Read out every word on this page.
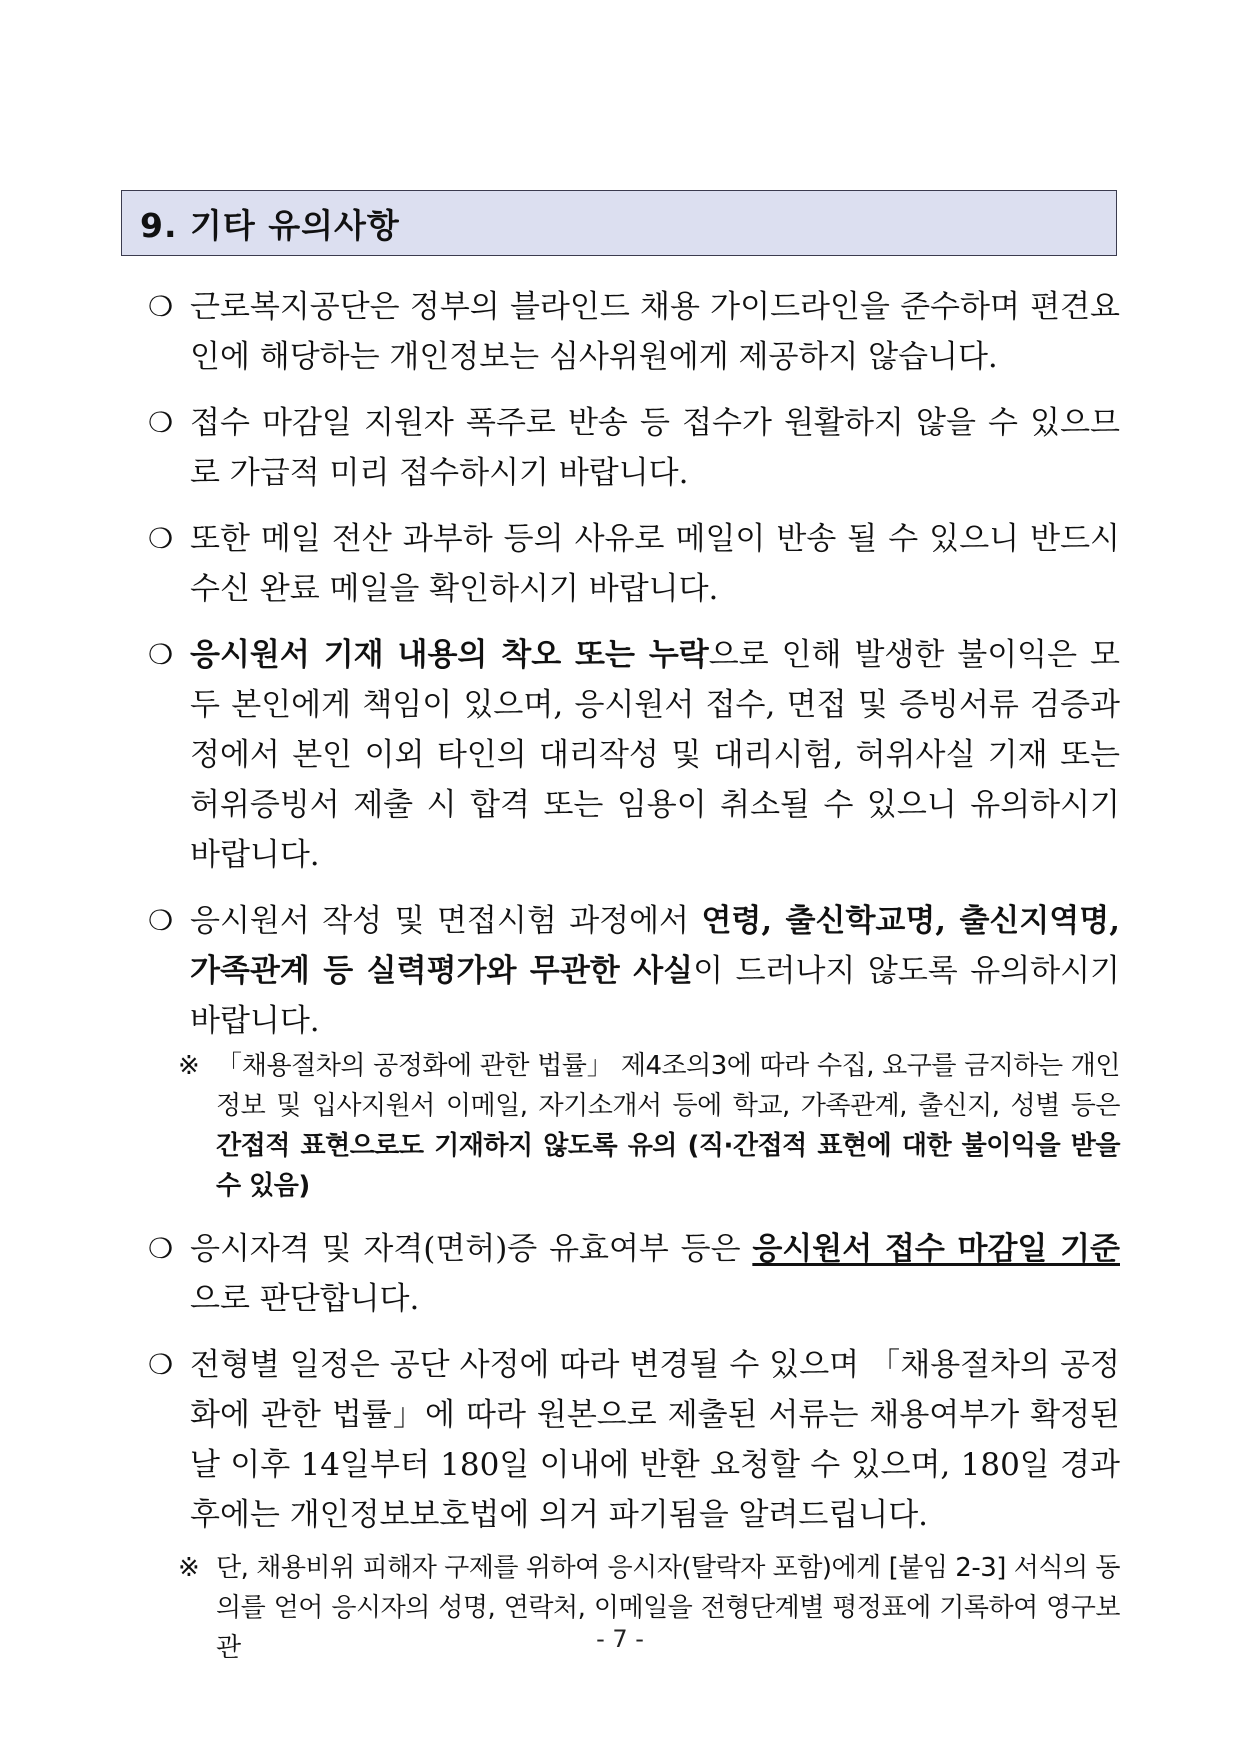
9. 기타 유의사항
❍ 근로복지공단은 정부의 블라인드 채용 가이드라인을 준수하며 편견요인에 해당하는 개인정보는 심사위원에게 제공하지 않습니다.
❍ 접수 마감일 지원자 폭주로 반송 등 접수가 원활하지 않을 수 있으므로 가급적 미리 접수하시기 바랍니다.
❍ 또한 메일 전산 과부하 등의 사유로 메일이 반송 될 수 있으니 반드시 수신 완료 메일을 확인하시기 바랍니다.
❍ 응시원서 기재 내용의 착오 또는 누락으로 인해 발생한 불이익은 모두 본인에게 책임이 있으며, 응시원서 접수, 면접 및 증빙서류 검증과정에서 본인 이외 타인의 대리작성 및 대리시험, 허위사실 기재 또는 허위증빙서 제출 시 합격 또는 임용이 취소될 수 있으니 유의하시기 바랍니다.
❍ 응시원서 작성 및 면접시험 과정에서 연령, 출신학교명, 출신지역명, 가족관계 등 실력평가와 무관한 사실이 드러나지 않도록 유의하시기 바랍니다.
※ 「채용절차의 공정화에 관한 법률」 제4조의3에 따라 수집, 요구를 금지하는 개인정보 및 입사지원서 이메일, 자기소개서 등에 학교, 가족관계, 출신지, 성별 등은 간접적 표현으로도 기재하지 않도록 유의 (직·간접적 표현에 대한 불이익을 받을 수 있음)
❍ 응시자격 및 자격(면허)증 유효여부 등은 응시원서 접수 마감일 기준으로 판단합니다.
❍ 전형별 일정은 공단 사정에 따라 변경될 수 있으며 「채용절차의 공정화에 관한 법률」에 따라 원본으로 제출된 서류는 채용여부가 확정된 날 이후 14일부터 180일 이내에 반환 요청할 수 있으며, 180일 경과 후에는 개인정보보호법에 의거 파기됨을 알려드립니다.
※ 단, 채용비위 피해자 구제를 위하여 응시자(탈락자 포함)에게 [붙임 2-3] 서식의 동의를 얻어 응시자의 성명, 연락처, 이메일을 전형단계별 평정표에 기록하여 영구보관	- 7 -
